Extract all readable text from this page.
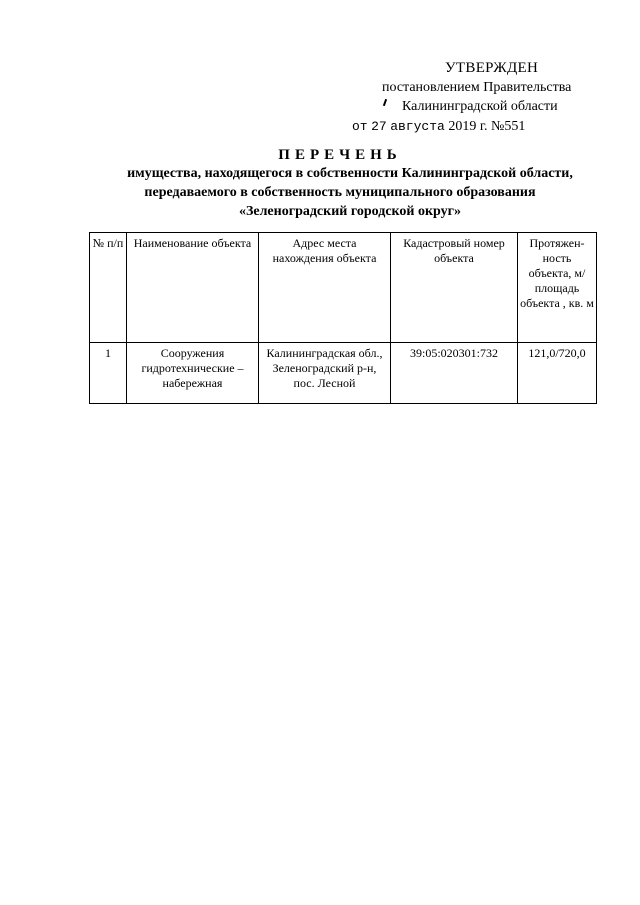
УТВЕРЖДЕН
постановлением Правительства
Калининградской области
от 27 августа 2019 г. №551
ПЕРЕЧЕНЬ
имущества, находящегося в собственности Калининградской области,
передаваемого в собственность муниципального образования
«Зеленоградский городской округ»
№ п/п	Наименование объекта	Адрес места нахождения объекта	Кадастровый номер объекта	Протяжен-ность объекта, м/площадь объекта , кв. м
1	Сооружения гидротехнические – набережная	Калининградская обл., Зеленоградский р-н, пос. Лесной	39:05:020301:732	121,0/720,0
